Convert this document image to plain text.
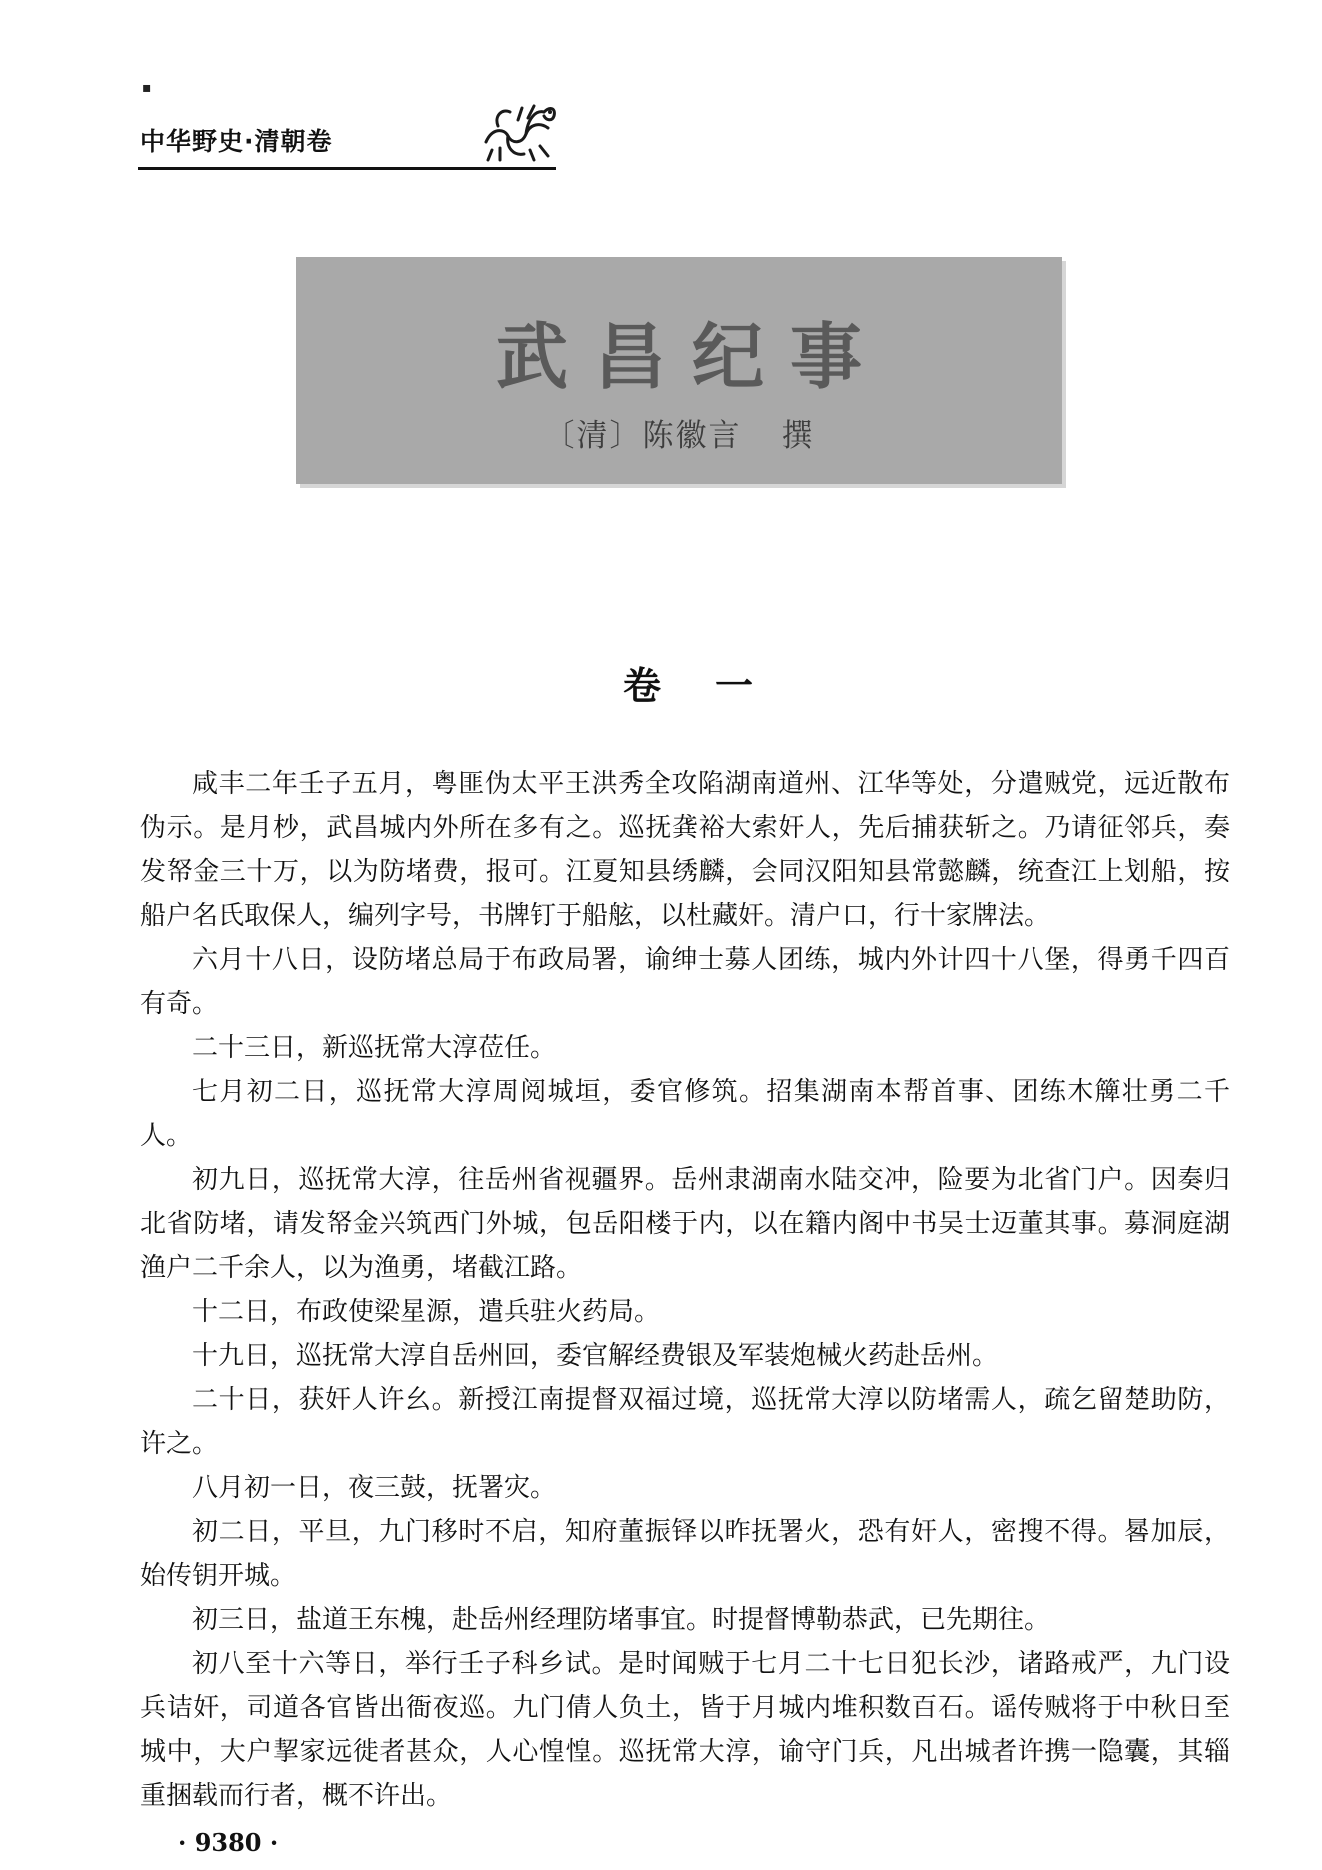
▪
中华野史·清朝卷
武昌纪事
〔清〕陈徽言 撰
卷一

咸丰二年壬子五月，粤匪伪太平王洪秀全攻陷湖南道州、江华等处，分遣贼党，远近散布伪示。是月杪，武昌城内外所在多有之。巡抚龚裕大索奸人，先后捕获斩之。乃请征邻兵，奏发帑金三十万，以为防堵费，报可。江夏知县绣麟，会同汉阳知县常懿麟，统查江上划船，按船户名氏取保人，编列字号，书牌钉于船舷，以杜藏奸。清户口，行十家牌法。

六月十八日，设防堵总局于布政局署，谕绅士募人团练，城内外计四十八堡，得勇千四百有奇。

二十三日，新巡抚常大淳莅任。

七月初二日，巡抚常大淳周阅城垣，委官修筑。招集湖南本帮首事、团练木簰壮勇二千人。

初九日，巡抚常大淳，往岳州省视疆界。岳州隶湖南水陆交冲，险要为北省门户。因奏归北省防堵，请发帑金兴筑西门外城，包岳阳楼于内，以在籍内阁中书吴士迈董其事。募洞庭湖渔户二千余人，以为渔勇，堵截江路。

十二日，布政使梁星源，遣兵驻火药局。

十九日，巡抚常大淳自岳州回，委官解经费银及军装炮械火药赴岳州。

二十日，获奸人许幺。新授江南提督双福过境，巡抚常大淳以防堵需人，疏乞留楚助防，许之。

八月初一日，夜三鼓，抚署灾。

初二日，平旦，九门移时不启，知府董振铎以昨抚署火，恐有奸人，密搜不得。晷加辰，始传钥开城。

初三日，盐道王东槐，赴岳州经理防堵事宜。时提督博勒恭武，已先期往。

初八至十六等日，举行壬子科乡试。是时闻贼于七月二十七日犯长沙，诸路戒严，九门设兵诘奸，司道各官皆出衙夜巡。九门倩人负土，皆于月城内堆积数百石。谣传贼将于中秋日至城中，大户挈家远徙者甚众，人心惶惶。巡抚常大淳，谕守门兵，凡出城者许携一隐囊，其辎重捆载而行者，概不许出。

· 9380 ·
